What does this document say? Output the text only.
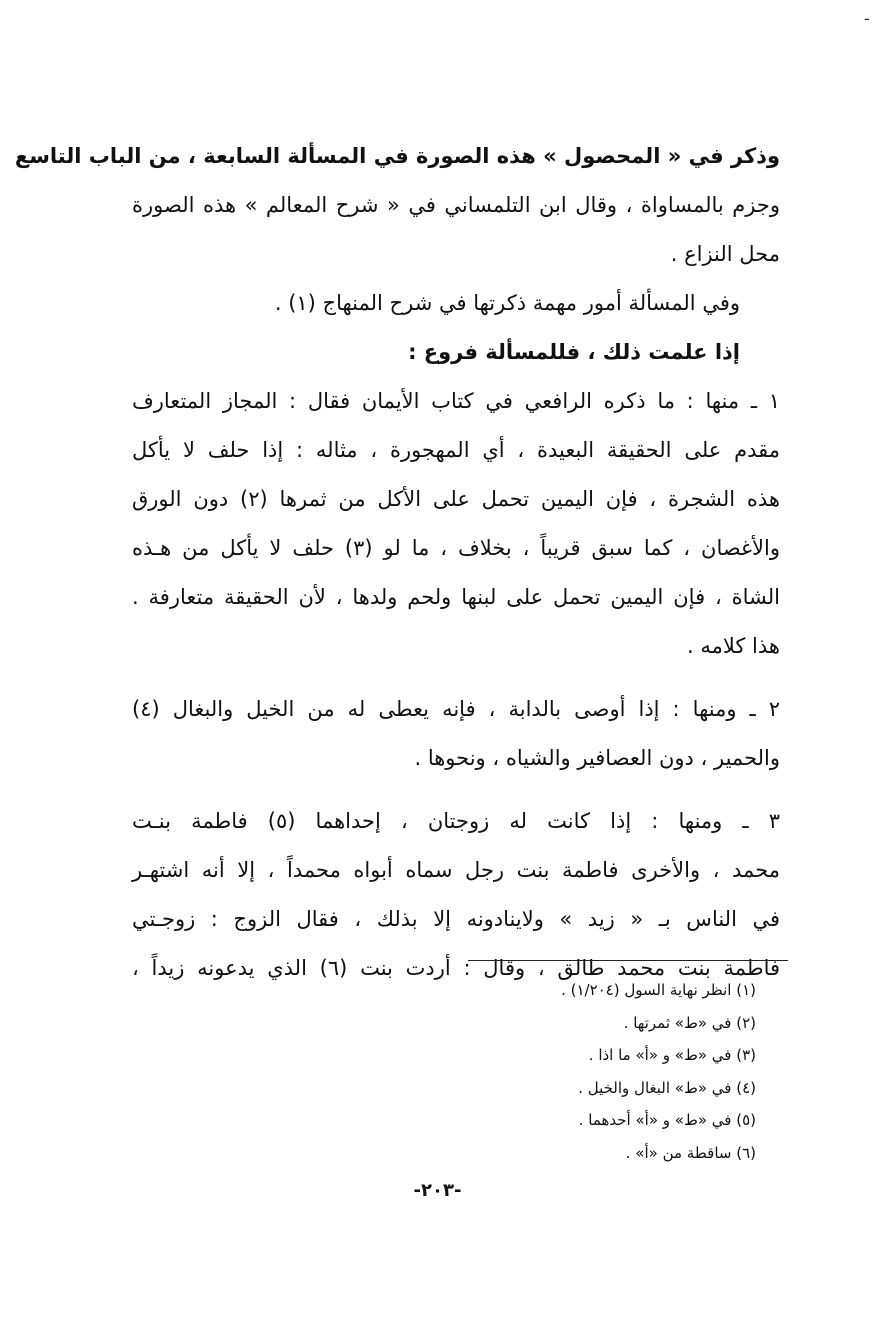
ـ
وذكر في « المحصول » هذه الصورة في المسألة السابعة ، من الباب التاسع
وجزم بالمساواة ، وقال ابن التلمساني في « شرح المعالم » هذه الصورة
محل النزاع .
وفي المسألة أمور مهمة ذكرتها في شرح المنهاج (١) .
إذا علمت ذلك ، فللمسألة فروع :
١ ـ منها : ما ذكره الرافعي في كتاب الأيمان فقال : المجاز المتعارف
مقدم على الحقيقة البعيدة ، أي المهجورة ، مثاله : إذا حلف لا يأكل
هذه الشجرة ، فإن اليمين تحمل على الأكل من ثمرها (٢) دون الورق
والأغصان ، كما سبق قريباً ، بخلاف ، ما لو (٣) حلف لا يأكل من هـذه
الشاة ، فإن اليمين تحمل على لبنها ولحم ولدها ، لأن الحقيقة متعارفة .
هذا كلامه .
٢ ـ ومنها : إذا أوصى بالدابة ، فإنه يعطى له من الخيل والبغال (٤)
والحمير ، دون العصافير والشياه ، ونحوها .
٣ ـ ومنها : إذا كانت له زوجتان ، إحداهما (٥) فاطمة بنـت
محمد ، والأخرى فاطمة بنت رجل سماه أبواه محمداً ، إلا أنه اشتهـر
في الناس بـ « زيد » ولاينادونه إلا بذلك ، فقال الزوج : زوجـتي
فاطمة بنت محمد طالق ، وقال : أردت بنت (٦) الذي يدعونه زيداً ،
(١) انظر نهاية السول (١/٢٠٤) .
(٢) في «ط» ثمرتها .
(٣) في «ط» و «أ» ما اذا .
(٤) في «ط» البغال والخيل .
(٥) في «ط» و «أ» أحدهما .
(٦) ساقطة من «أ» .
-٢٠٣-
